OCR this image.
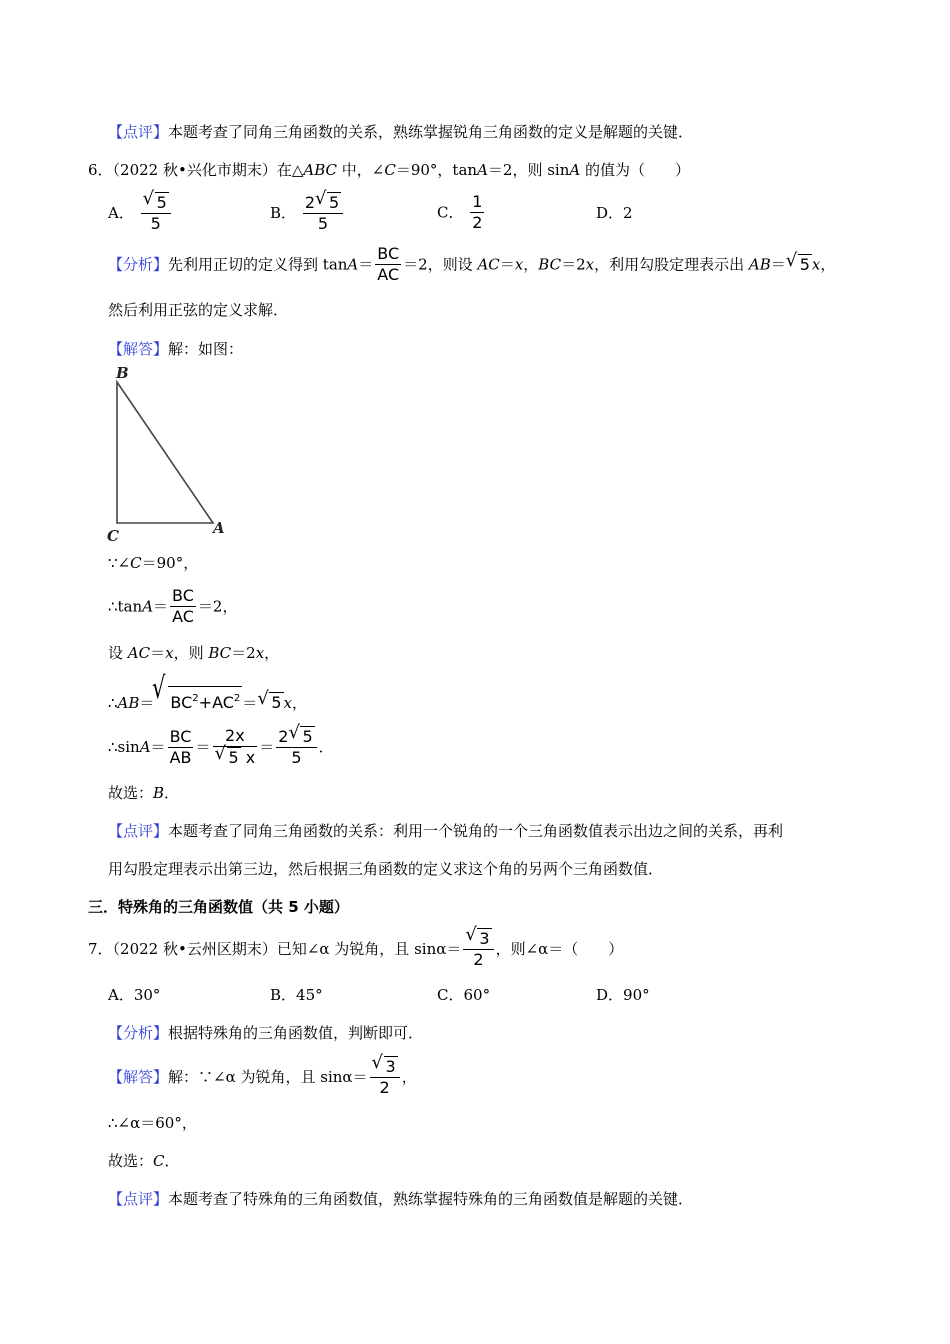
【点评】本题考查了同角三角函数的关系，熟练掌握锐角三角函数的定义是解题的关键．
6．（2022 秋•兴化市期末）在△ABC 中，∠C＝90°，tanA＝2，则 sinA 的值为（　　）
A． $\frac{√ 5}{5}$	B． $\frac{2 √ 5}{5}$	C． $\frac{1}{2}$	D．2
【分析】先利用正切的定义得到 $\tan A= \frac{BC}{AC} =2$，则设 AC＝x，BC＝2x，利用勾股定理表示出 AB＝ √ 5 x，
然后利用正弦的定义求解．
【解答】解：如图：
B
C	A
∵∠C＝90°，
∴tanA＝ $\frac{BC}{AC} =2$，
设 AC＝x，则 BC＝2x，
∴AB＝
√ $BC^2+AC^2$ ＝ √ 5 x，
∴sinA＝ $\frac{BC}{AB} = \frac{2x}{√ 5 x} = \frac{2 √ 5}{5}$ ．
故选：B．
【点评】本题考查了同角三角函数的关系：利用一个锐角的一个三角函数值表示出边之间的关系，再利
用勾股定理表示出第三边，然后根据三角函数的定义求这个角的另两个三角函数值．
三．特殊角的三角函数值（共 5 小题）
7．（2022 秋•云州区期末）已知∠α 为锐角，且 $\sin\alpha= \frac{√ 3}{2}$ ，则∠α＝（　　）
A．30°	B．45°	C．60°	D．90°
【分析】根据特殊角的三角函数值，判断即可．
【解答】解：∵∠α 为锐角，且 $\sin\alpha= \frac{√ 3}{2}$ ，
∴∠α＝60°，
故选：C．
【点评】本题考查了特殊角的三角函数值，熟练掌握特殊角的三角函数值是解题的关键．
